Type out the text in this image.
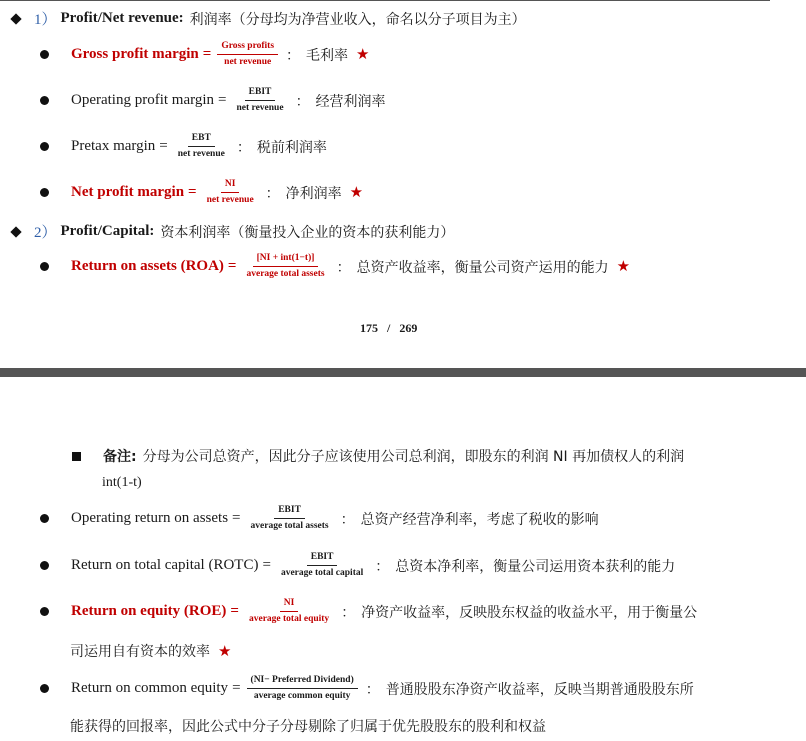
1） Profit/Net revenue: 利润率（分母均为净营业收入，命名以分子项目为主）
Gross profit margin = $\frac{\text{Gross profits}}{\text{net revenue}}$ ： 毛利率 ★
Operating profit margin = $\frac{\text{EBIT}}{\text{net revenue}}$ ： 经营利润率
Pretax margin = $\frac{\text{EBT}}{\text{net revenue}}$ ： 税前利润率
Net profit margin = $\frac{NI}{\text{net revenue}}$ ： 净利润率 ★
2） Profit/Capital: 资本利润率（衡量投入企业的资本的获利能力）
Return on assets $(ROA) = \frac{\text{[NI + int(1−t)]}}{\text{average total assets}}$ ： 总资产收益率，衡量公司资产运用的能力 ★
175 / 269
备注: 分母为公司总资产，因此分子应该使用公司总利润，即股东的利润 NI 再加债权人的利润
int(1-t)
Operating return on assets = $\frac{\text{EBIT}}{\text{average total assets}}$ ： 总资产经营净利率，考虑了税收的影响
Return on total capital (ROTC) = $\frac{\text{EBIT}}{\text{average total capital}}$ ： 总资本净利率，衡量公司运用资本获利的能力
Return on equity $(ROE) = \frac{NI}{\text{average total equity}}$ ： 净资产收益率，反映股东权益的收益水平，用于衡量公
司运用自有资本的效率 ★
Return on common equity = $\frac{\text{(NI− Preferred Dividend)}}{\text{average common equity}}$ ： 普通股股东净资产收益率，反映当期普通股股东所
能获得的回报率，因此公式中分子分母剔除了归属于优先股股东的股利和权益
